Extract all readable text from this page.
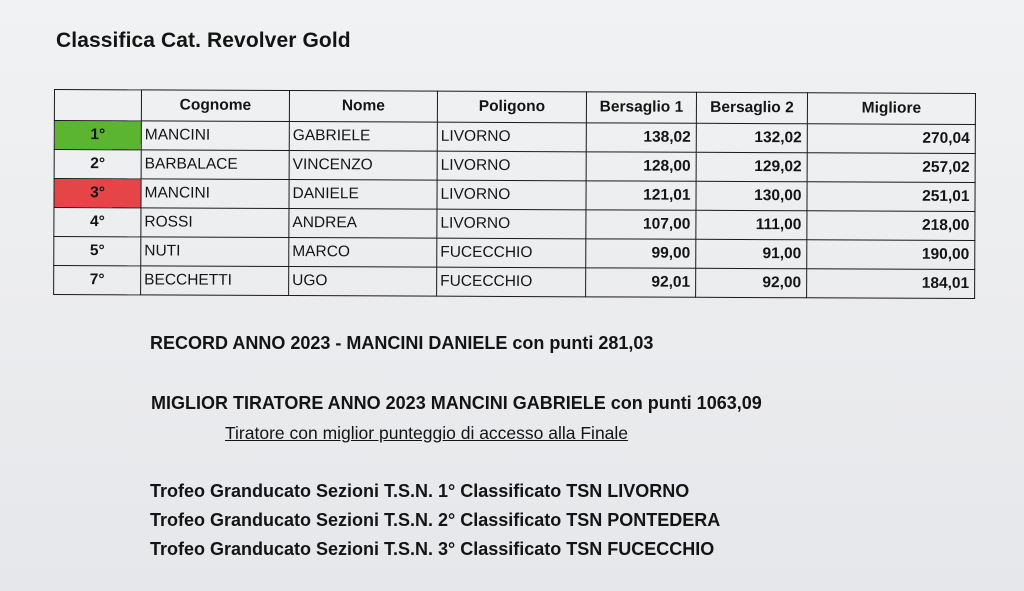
Classifica Cat. Revolver Gold
	Cognome	Nome	Poligono	Bersaglio 1	Bersaglio 2	Migliore
1°	MANCINI	GABRIELE	LIVORNO	138,02	132,02	270,04
2°	BARBALACE	VINCENZO	LIVORNO	128,00	129,02	257,02
3°	MANCINI	DANIELE	LIVORNO	121,01	130,00	251,01
4°	ROSSI	ANDREA	LIVORNO	107,00	111,00	218,00
5°	NUTI	MARCO	FUCECCHIO	99,00	91,00	190,00
7°	BECCHETTI	UGO	FUCECCHIO	92,01	92,00	184,01
RECORD ANNO 2023 - MANCINI DANIELE con punti 281,03
MIGLIOR TIRATORE ANNO 2023 MANCINI GABRIELE con punti 1063,09
Tiratore con miglior punteggio di accesso alla Finale
Trofeo Granducato Sezioni T.S.N. 1° Classificato TSN LIVORNO
Trofeo Granducato Sezioni T.S.N. 2° Classificato TSN PONTEDERA
Trofeo Granducato Sezioni T.S.N. 3° Classificato TSN FUCECCHIO
